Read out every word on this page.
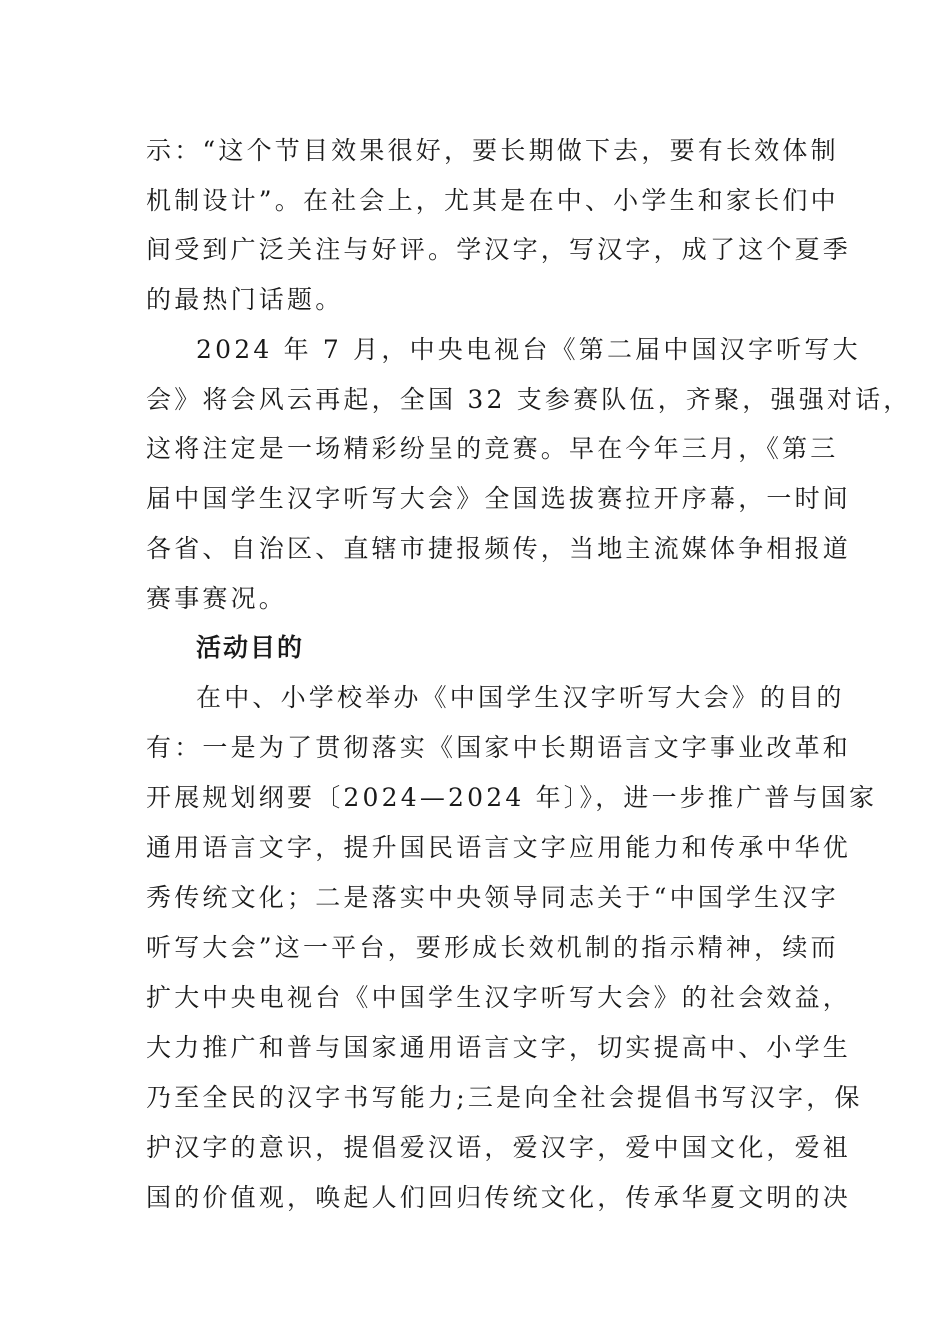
示：“这个节目效果很好，要长期做下去，要有长效体制
机制设计”。在社会上，尤其是在中、小学生和家长们中
间受到广泛关注与好评。学汉字，写汉字，成了这个夏季
的最热门话题。
2024 年 7 月，中央电视台《第二届中国汉字听写大
会》将会风云再起，全国 32 支参赛队伍，齐聚，强强对话，
这将注定是一场精彩纷呈的竞赛。早在今年三月，《第三
届中国学生汉字听写大会》全国选拔赛拉开序幕，一时间
各省、自治区、直辖市捷报频传，当地主流媒体争相报道
赛事赛况。
活动目的
在中、小学校举办《中国学生汉字听写大会》的目的
有：一是为了贯彻落实《国家中长期语言文字事业改革和
开展规划纲要〔2024—2024 年〕》，进一步推广普与国家
通用语言文字，提升国民语言文字应用能力和传承中华优
秀传统文化；二是落实中央领导同志关于“中国学生汉字
听写大会”这一平台，要形成长效机制的指示精神，续而
扩大中央电视台《中国学生汉字听写大会》的社会效益，
大力推广和普与国家通用语言文字，切实提高中、小学生
乃至全民的汉字书写能力;三是向全社会提倡书写汉字，保
护汉字的意识，提倡爱汉语，爱汉字，爱中国文化，爱祖
国的价值观，唤起人们回归传统文化，传承华夏文明的决
